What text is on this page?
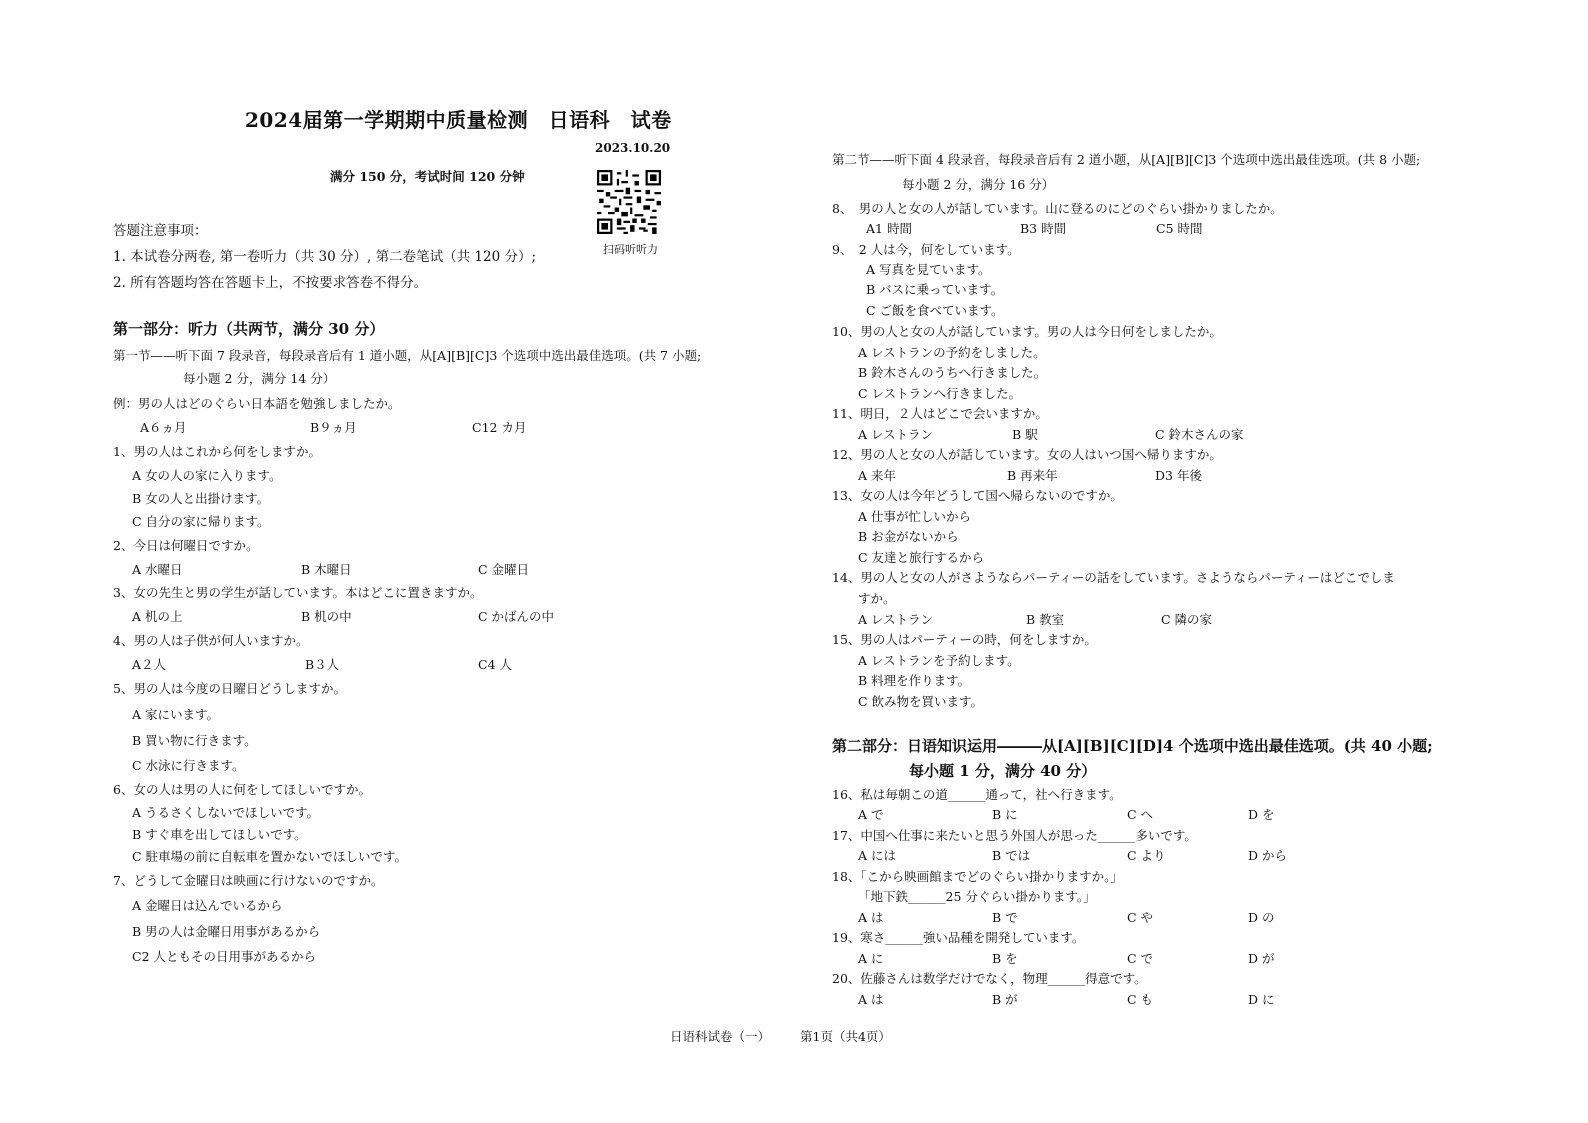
2024届第一学期期中质量检测　日语科　试卷
2023.10.20
满分 150 分，考试时间 120 分钟
扫码听听力
答题注意事项：
1. 本试卷分两卷, 第一卷听力（共 30 分）, 第二卷笔试（共 120 分）;
2. 所有答题均答在答题卡上，不按要求答卷不得分。
第一部分：听力（共两节，满分 30 分）
第一节——听下面 7 段录音，每段录音后有 1 道小题，从[A][B][C]3 个选项中选出最佳选项。(共 7 小题;
每小题 2 分，满分 14 分）
例：男の人はどのぐらい日本語を勉強しましたか。
A６ヵ月	B９ヵ月	C12 カ月
1、男の人はこれから何をしますか。
A 女の人の家に入ります。
B 女の人と出掛けます。
C 自分の家に帰ります。
2、今日は何曜日ですか。
A 水曜日	B 木曜日	C 金曜日
3、女の先生と男の学生が話しています。本はどこに置きますか。
A 机の上	B 机の中	C かばんの中
4、男の人は子供が何人いますか。
A２人	B３人	C4 人
5、男の人は今度の日曜日どうしますか。
A 家にいます。
B 買い物に行きます。
C 水泳に行きます。
6、女の人は男の人に何をしてほしいですか。
A うるさくしないでほしいです。
B すぐ車を出してほしいです。
C 駐車場の前に自転車を置かないでほしいです。
7、どうして金曜日は映画に行けないのですか。
A 金曜日は込んでいるから
B 男の人は金曜日用事があるから
C2 人ともその日用事があるから
第二节——听下面 4 段录音，每段录音后有 2 道小题，从[A][B][C]3 个选项中选出最佳选项。(共 8 小题;
每小题 2 分，满分 16 分）
8、　男の人と女の人が話しています。山に登るのにどのぐらい掛かりましたか。
A1 時間	B3 時間	C5 時間
9、　2 人は今，何をしています。
A 写真を見ています。
B バスに乗っています。
C ご飯を食べています。
10、男の人と女の人が話しています。男の人は今日何をしましたか。
A レストランの予約をしました。
B 鈴木さんのうちへ行きました。
C レストランへ行きました。
11、明日，２人はどこで会いますか。
A レストラン	B 駅	C 鈴木さんの家
12、男の人と女の人が話しています。女の人はいつ国へ帰りますか。
A 来年	B 再来年	D3 年後
13、女の人は今年どうして国へ帰らないのですか。
A 仕事が忙しいから
B お金がないから
C 友達と旅行するから
14、男の人と女の人がさようならパーティーの話をしています。さようならパーティーはどこでしま
すか。
A レストラン	B 教室	C 隣の家
15、男の人はパーティーの時，何をしますか。
A レストランを予約します。
B 料理を作ります。
C 飲み物を買います。
第二部分：日语知识运用―――从[A][B][C][D]4 个选项中选出最佳选项。(共 40 小题;
每小题 1 分，满分 40 分）
16、私は毎朝この道______通って，社へ行きます。
A で	B に	C へ	D を
17、中国へ仕事に来たいと思う外国人が思った______多いです。
A には	B では	C より	D から
18、「こから映画館までどのぐらい掛かりますか。」
「地下鉄______25 分ぐらい掛かります。」
A は	B で	C や	D の
19、寒さ______強い品種を開発しています。
A に	B を	C で	D が
20、佐藤さんは数学だけでなく，物理______得意です。
A は	B が	C も	D に
日语科试卷（一） 第1页（共4页）
